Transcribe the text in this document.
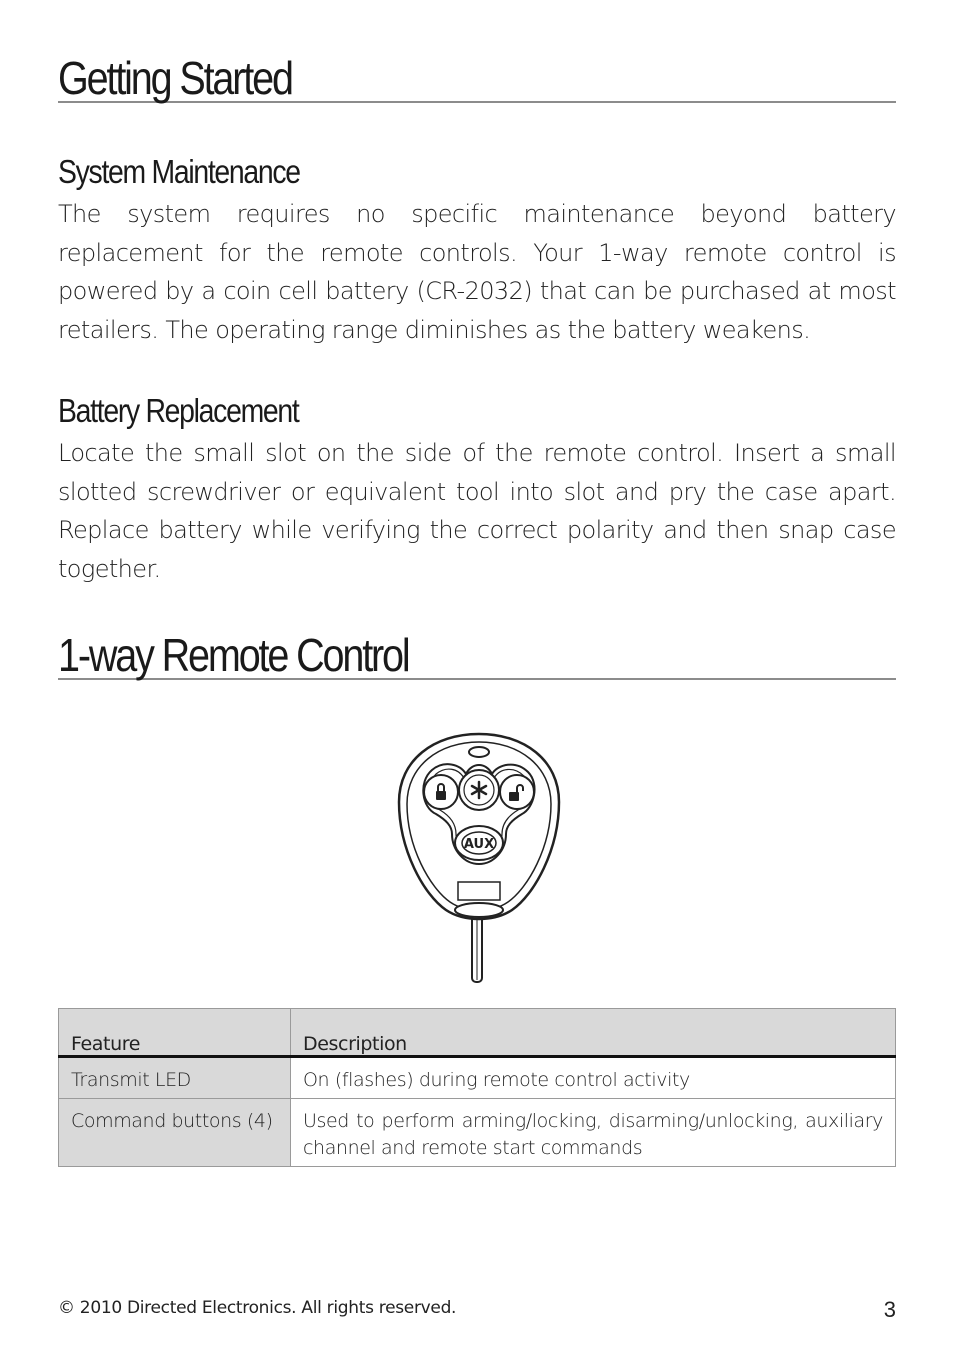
Getting Started
System Maintenance
The system requires no specific maintenance beyond battery replacement for the remote controls. Your 1-way remote control is powered by a coin cell battery (CR-2032) that can be purchased at most retailers. The operating range diminishes as the battery weakens.
Battery Replacement
Locate the small slot on the side of the remote control. Insert a small slotted screwdriver or equivalent tool into slot and pry the case apart. Replace battery while verifying the correct polarity and then snap case together.
1-way Remote Control
AUX
Feature	Description
Transmit LED	On (flashes) during remote control activity
Command buttons (4)	Used to perform arming/locking, disarming/unlocking, auxiliary channel and remote start commands
© 2010 Directed Electronics. All rights reserved.	3
